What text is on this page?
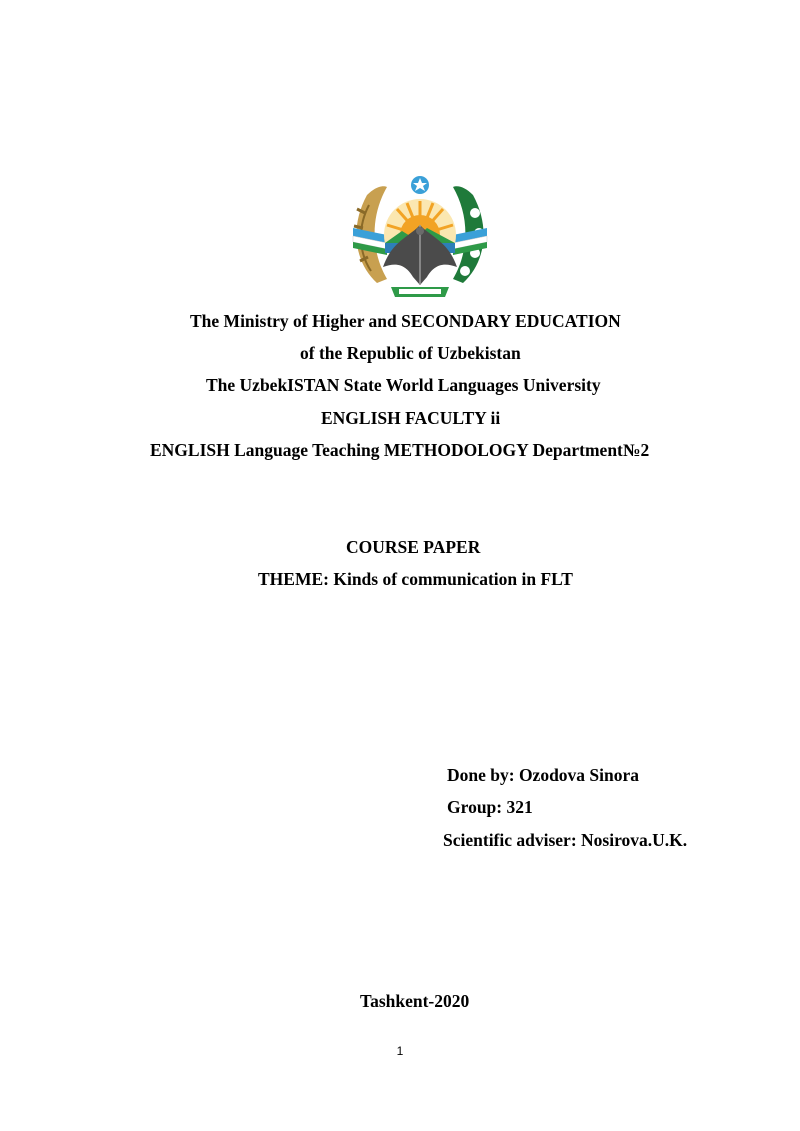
The Ministry of Higher and SECONDARY EDUCATION
of the Republic of Uzbekistan
The UzbekISTAN State World Languages University
ENGLISH FACULTY ii
ENGLISH Language Teaching METHODOLOGY Department№2
COURSE PAPER
THEME: Kinds of communication in FLT
Done by: Ozodova Sinora
Group: 321
Scientific adviser: Nosirova.U.K.
Tashkent-2020
1
